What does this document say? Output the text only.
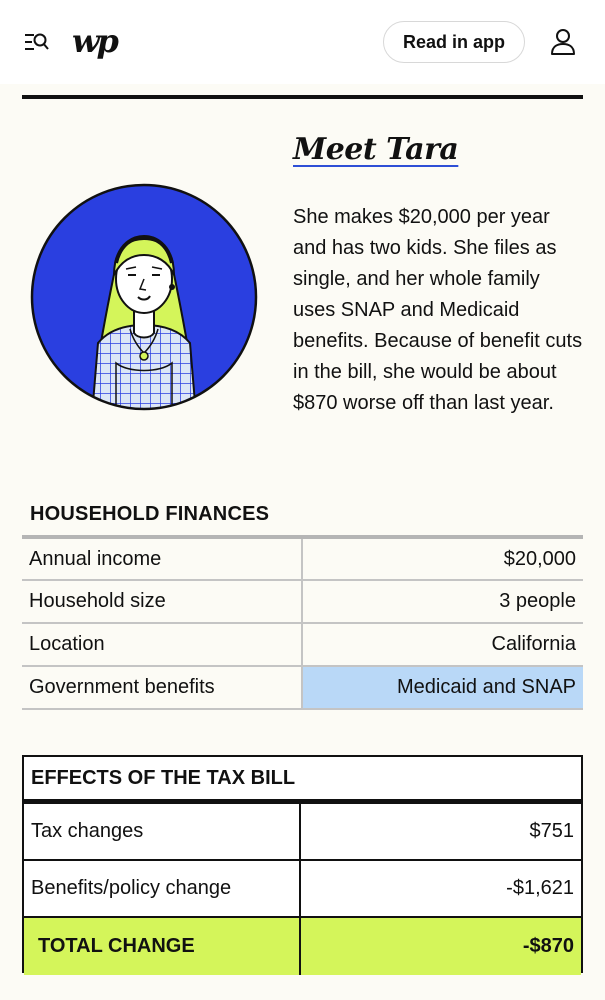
wp	Read in app
Meet Tara
She makes $20,000 per year and has two kids. She files as single, and her whole family uses SNAP and Medicaid benefits. Because of benefit cuts in the bill, she would be about $870 worse off than last year.
HOUSEHOLD FINANCES
Annual income	$20,000
Household size	3 people
Location	California
Government benefits	Medicaid and SNAP
EFFECTS OF THE TAX BILL
Tax changes	$751
Benefits/policy change	-$1,621
TOTAL CHANGE	-$870
